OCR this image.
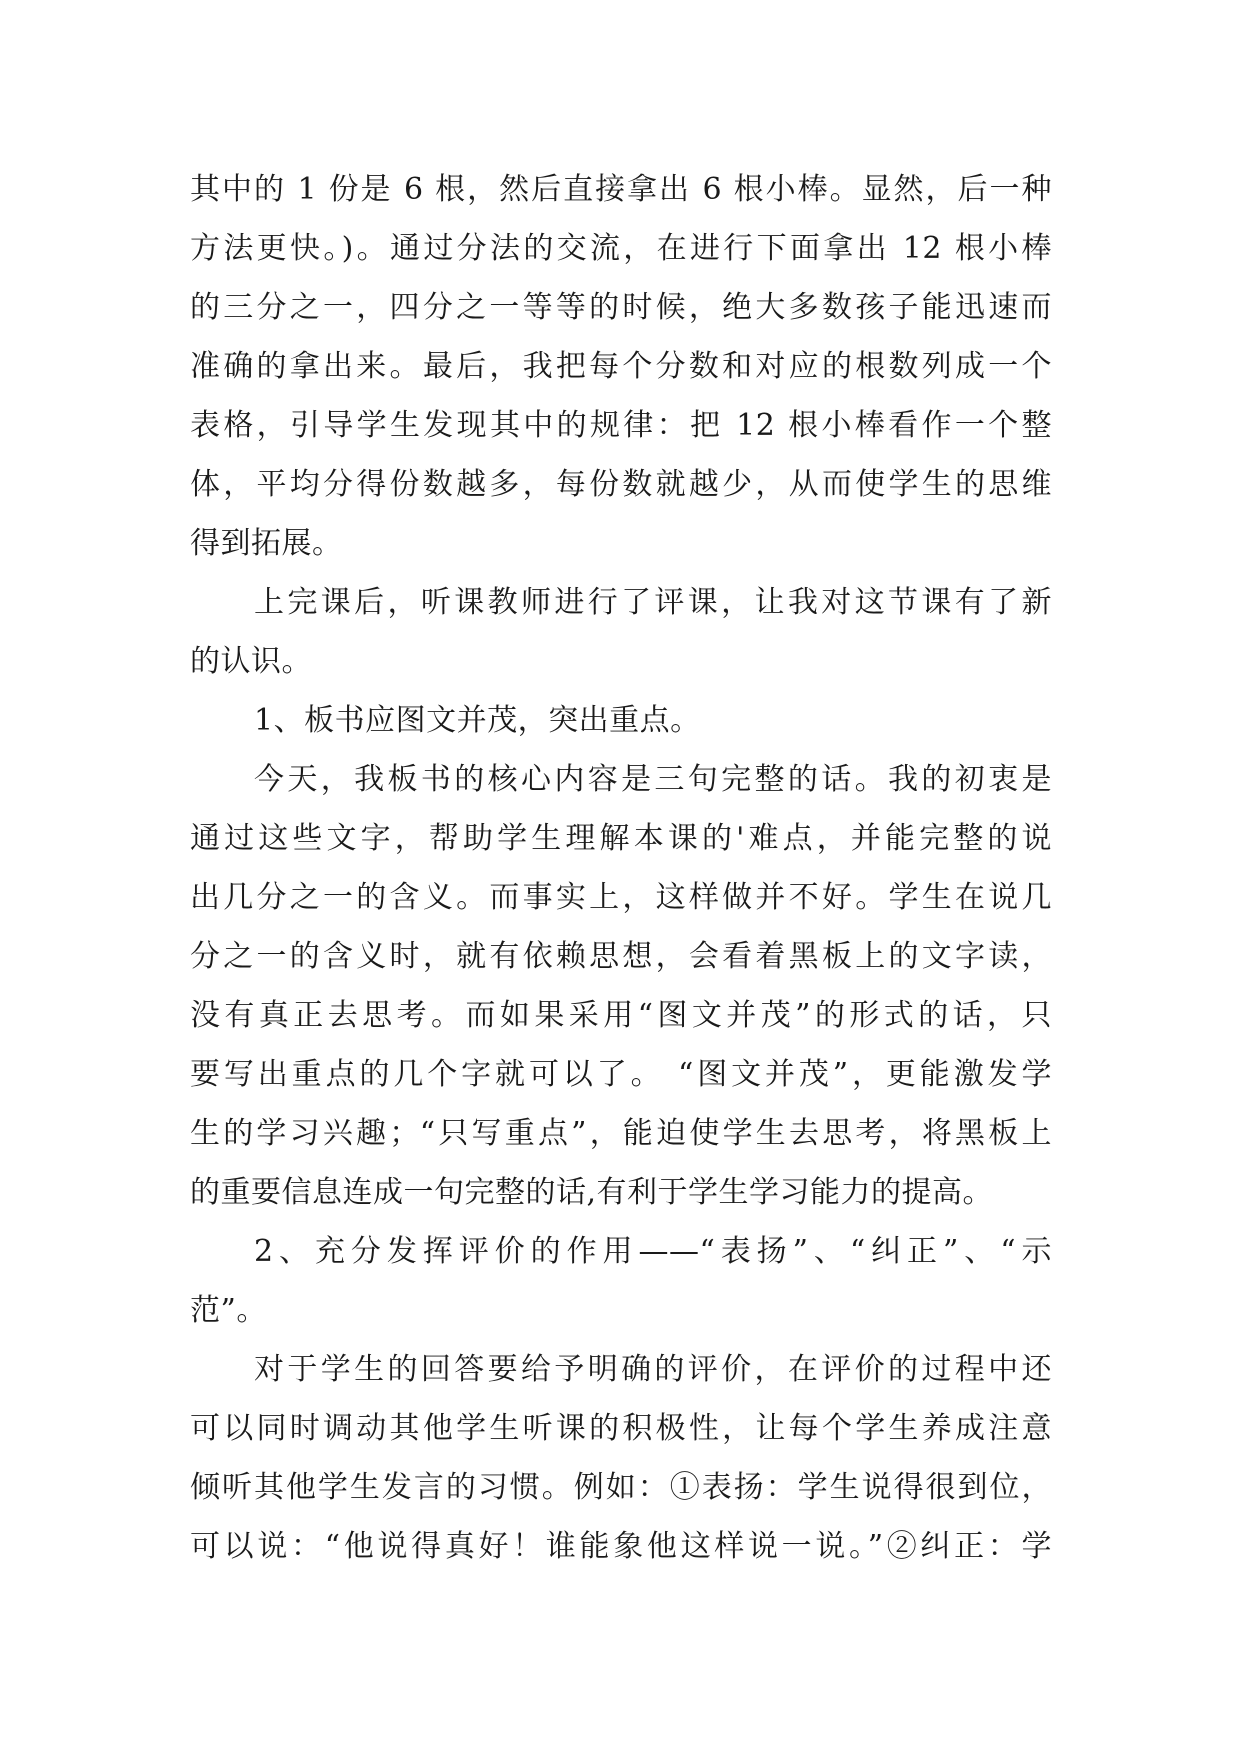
其中的 1 份是 6 根，然后直接拿出 6 根小棒。显然，后一种
方法更快。)。通过分法的交流，在进行下面拿出 12 根小棒
的三分之一，四分之一等等的时候，绝大多数孩子能迅速而
准确的拿出来。最后，我把每个分数和对应的根数列成一个
表格，引导学生发现其中的规律：把 12 根小棒看作一个整
体，平均分得份数越多，每份数就越少，从而使学生的思维
得到拓展。
上完课后，听课教师进行了评课，让我对这节课有了新
的认识。
1、板书应图文并茂，突出重点。
今天，我板书的核心内容是三句完整的话。我的初衷是
通过这些文字，帮助学生理解本课的'难点，并能完整的说
出几分之一的含义。而事实上，这样做并不好。学生在说几
分之一的含义时，就有依赖思想，会看着黑板上的文字读，
没有真正去思考。而如果采用“图文并茂”的形式的话，只
要写出重点的几个字就可以了。 “图文并茂”，更能激发学
生的学习兴趣；“只写重点”，能迫使学生去思考，将黑板上
的重要信息连成一句完整的话,有利于学生学习能力的提高。
2、充分发挥评价的作用——“表扬”、“纠正”、“示
范”。
对于学生的回答要给予明确的评价，在评价的过程中还
可以同时调动其他学生听课的积极性，让每个学生养成注意
倾听其他学生发言的习惯。例如：①表扬：学生说得很到位，
可以说：“他说得真好！谁能象他这样说一说。”②纠正：学
